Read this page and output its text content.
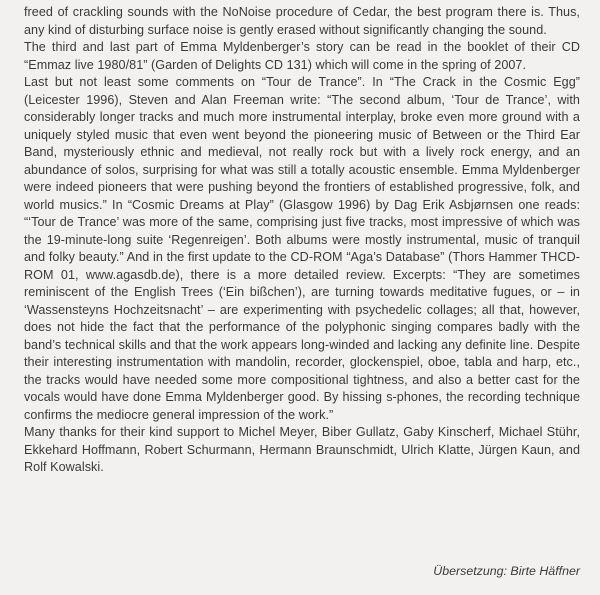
freed of crackling sounds with the NoNoise procedure of Cedar, the best program there is. Thus, any kind of disturbing surface noise is gently erased without significantly changing the sound.

The third and last part of Emma Myldenberger’s story can be read in the booklet of their CD “Emmaz live 1980/81” (Garden of Delights CD 131) which will come in the spring of 2007.

Last but not least some comments on “Tour de Trance”. In “The Crack in the Cosmic Egg” (Leicester 1996), Steven and Alan Freeman write: “The second album, ‘Tour de Trance’, with considerably longer tracks and much more instrumental interplay, broke even more ground with a uniquely styled music that even went beyond the pioneering music of Between or the Third Ear Band, mysteriously ethnic and medieval, not really rock but with a lively rock energy, and an abundance of solos, surprising for what was still a totally acoustic ensemble. Emma Myldenberger were indeed pioneers that were pushing beyond the frontiers of established progressive, folk, and world musics.” In “Cosmic Dreams at Play” (Glasgow 1996) by Dag Erik Asbjørnsen one reads: “‘Tour de Trance’ was more of the same, comprising just five tracks, most impressive of which was the 19-minute-long suite ‘Regenreigen’. Both albums were mostly instrumental, music of tranquil and folky beauty.” And in the first update to the CD-ROM “Aga’s Database” (Thors Hammer THCD-ROM 01, www.agasdb.de), there is a more detailed review. Excerpts: “They are sometimes reminiscent of the English Trees (‘Ein bißchen’), are turning towards meditative fugues, or – in ‘Wassensteyns Hochzeitsnacht’ – are experimenting with psychedelic collages; all that, however, does not hide the fact that the performance of the polyphonic singing compares badly with the band’s technical skills and that the work appears long-winded and lacking any definite line. Despite their interesting instrumentation with mandolin, recorder, glockenspiel, oboe, tabla and harp, etc., the tracks would have needed some more compositional tightness, and also a better cast for the vocals would have done Emma Myldenberger good. By hissing s-phones, the recording technique confirms the mediocre general impression of the work.”

Many thanks for their kind support to Michel Meyer, Biber Gullatz, Gaby Kinscherf, Michael Stühr, Ekkehard Hoffmann, Robert Schurmann, Hermann Braunschmidt, Ulrich Klatte, Jürgen Kaun, and Rolf Kowalski.

Übersetzung: Birte Häffner
